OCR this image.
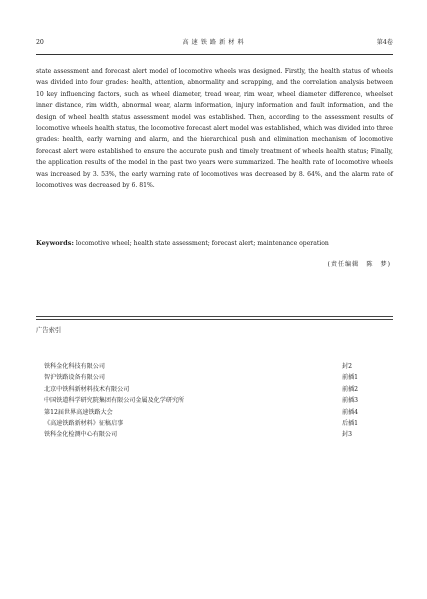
20	高速铁路新材料	第4卷

state assessment and forecast alert model of locomotive wheels was designed. Firstly, the health status of wheels was divided into four grades: health, attention, abnormality and scrapping, and the correlation analysis between 10 key influencing factors, such as wheel diameter, tread wear, rim wear, wheel diameter difference, wheelset inner distance, rim width, abnormal wear, alarm information, injury information and fault information, and the design of wheel health status assessment model was established. Then, according to the assessment results of locomotive wheels health status, the locomotive forecast alert model was established, which was divided into three grades: health, early warning and alarm, and the hierarchical push and elimination mechanism of locomotive forecast alert were established to ensure the accurate push and timely treatment of wheels health status; Finally, the application results of the model in the past two years were summarized. The health rate of locomotive wheels was increased by 3. 53%, the early warning rate of locomotives was decreased by 8. 64%, and the alarm rate of locomotives was decreased by 6. 81%.

Keywords: locomotive wheel; health state assessment; forecast alert; maintenance operation
(责任编辑　陈　梦)
广告索引
铁科金化科技有限公司	封2
智沪铁路设备有限公司	前插1
北京中铁科新材料技术有限公司	前插2
中国铁道科学研究院集团有限公司金属及化学研究所	前插3
第12届世界高速铁路大会	前插4
《高速铁路新材料》征稿启事	后插1
铁科金化检测中心有限公司	封3
